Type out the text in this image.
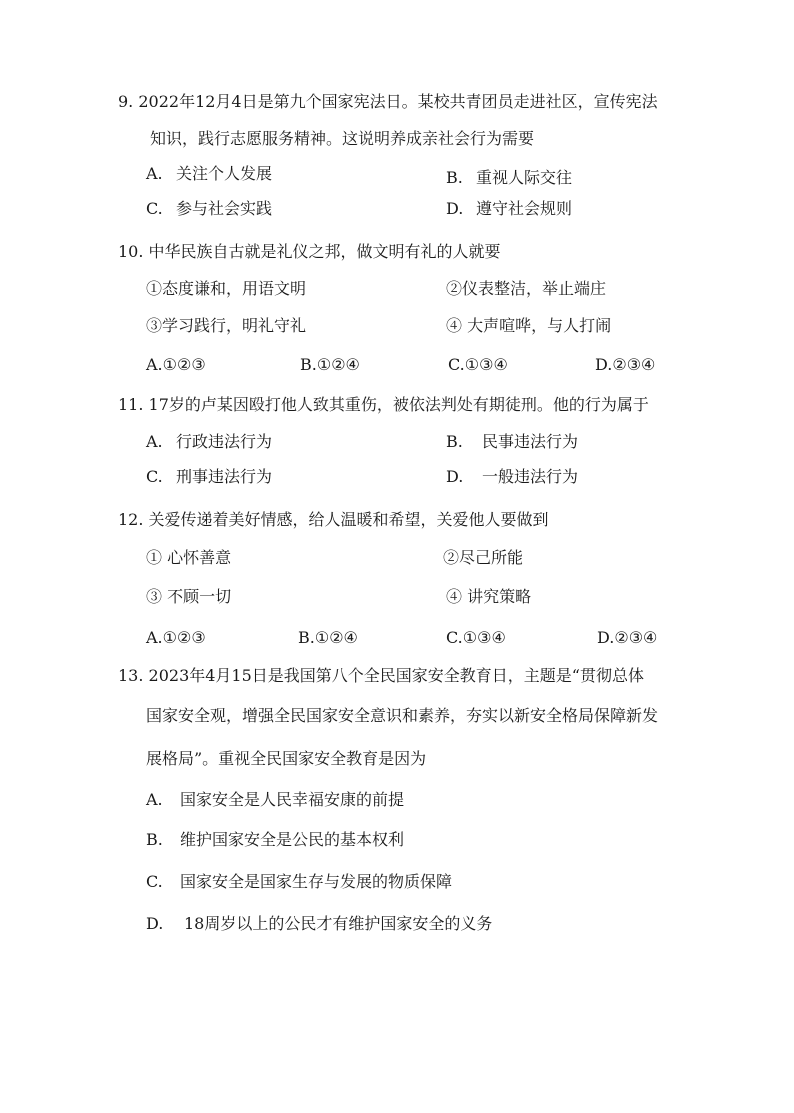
9. 2022年12月4日是第九个国家宪法日。某校共青团员走进社区，宣传宪法
知识，践行志愿服务精神。这说明养成亲社会行为需要
A. 关注个人发展	B. 重视人际交往
C. 参与社会实践	D. 遵守社会规则
10. 中华民族自古就是礼仪之邦，做文明有礼的人就要
①态度谦和，用语文明	②仪表整洁，举止端庄
③学习践行，明礼守礼	④ 大声喧哗，与人打闹
A.①②③	B.①②④	C.①③④	D.②③④
11. 17岁的卢某因殴打他人致其重伤，被依法判处有期徒刑。他的行为属于
A. 行政违法行为	B. 民事违法行为
C. 刑事违法行为	D. 一般违法行为
12. 关爱传递着美好情感，给人温暖和希望，关爱他人要做到
① 心怀善意	②尽己所能
③ 不顾一切	④ 讲究策略
A.①②③	B.①②④	C.①③④	D.②③④
13. 2023年4月15日是我国第八个全民国家安全教育日，主题是“贯彻总体
国家安全观，增强全民国家安全意识和素养，夯实以新安全格局保障新发
展格局”。重视全民国家安全教育是因为
A. 国家安全是人民幸福安康的前提
B. 维护国家安全是公民的基本权利
C. 国家安全是国家生存与发展的物质保障
D. 18周岁以上的公民才有维护国家安全的义务
